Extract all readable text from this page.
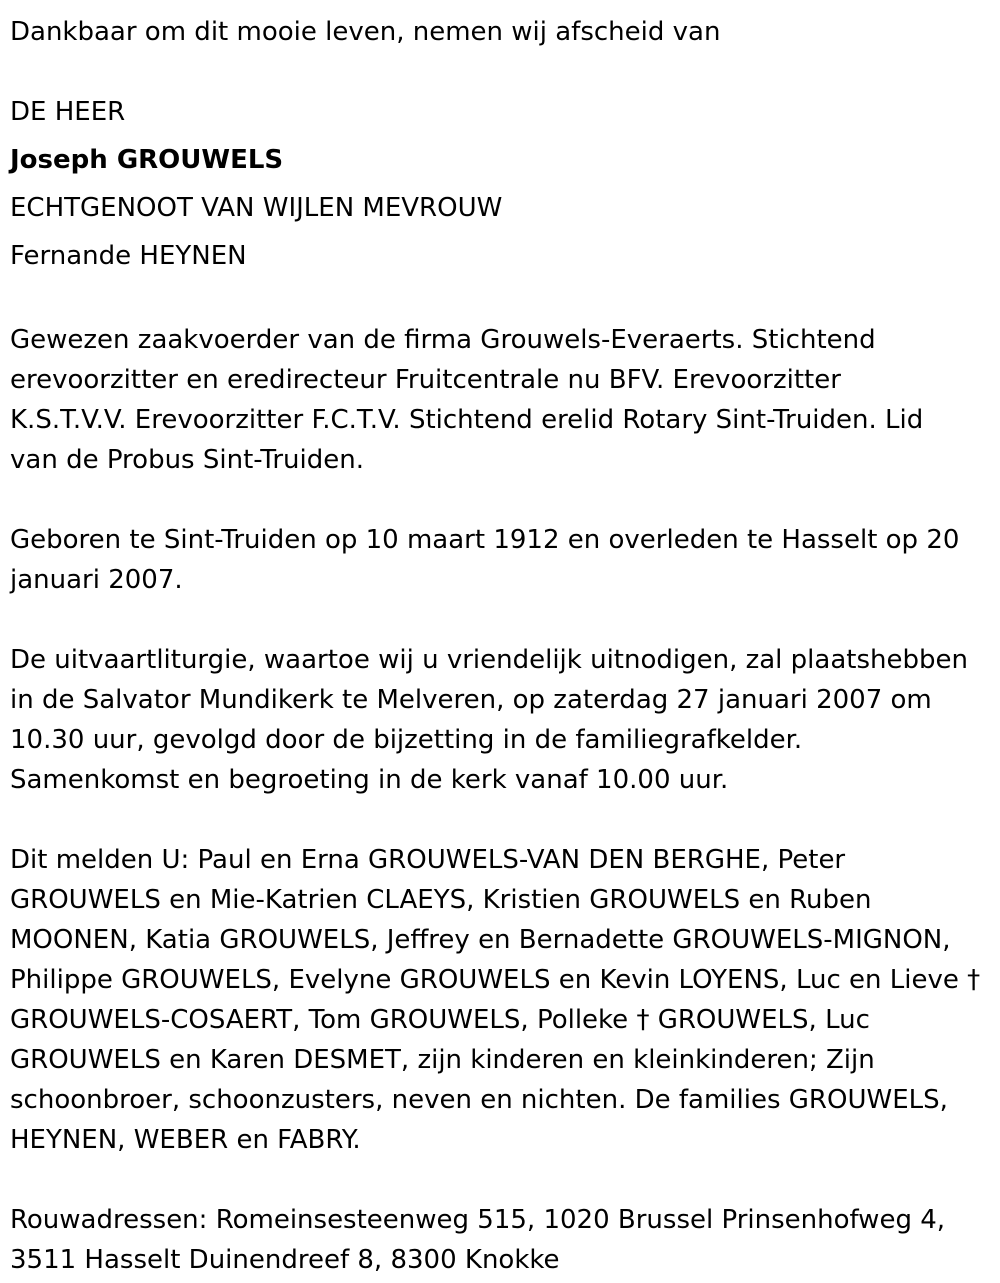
Dankbaar om dit mooie leven, nemen wij afscheid van

DE HEER

Joseph GROUWELS

ECHTGENOOT VAN WIJLEN MEVROUW

Fernande HEYNEN

Gewezen zaakvoerder van de firma Grouwels-Everaerts. Stichtend
erevoorzitter en eredirecteur Fruitcentrale nu BFV. Erevoorzitter
K.S.T.V.V. Erevoorzitter F.C.T.V. Stichtend erelid Rotary Sint-Truiden. Lid
van de Probus Sint-Truiden.
Geboren te Sint-Truiden op 10 maart 1912 en overleden te Hasselt op 20
januari 2007.
De uitvaartliturgie, waartoe wij u vriendelijk uitnodigen, zal plaatshebben
in de Salvator Mundikerk te Melveren, op zaterdag 27 januari 2007 om
10.30 uur, gevolgd door de bijzetting in de familiegrafkelder.
Samenkomst en begroeting in de kerk vanaf 10.00 uur.
Dit melden U: Paul en Erna GROUWELS-VAN DEN BERGHE, Peter
GROUWELS en Mie-Katrien CLAEYS, Kristien GROUWELS en Ruben
MOONEN, Katia GROUWELS, Jeffrey en Bernadette GROUWELS-MIGNON,
Philippe GROUWELS, Evelyne GROUWELS en Kevin LOYENS, Luc en Lieve †
GROUWELS-COSAERT, Tom GROUWELS, Polleke † GROUWELS, Luc
GROUWELS en Karen DESMET, zijn kinderen en kleinkinderen; Zijn
schoonbroer, schoonzusters, neven en nichten. De families GROUWELS,
HEYNEN, WEBER en FABRY.
Rouwadressen: Romeinsesteenweg 515, 1020 Brussel Prinsenhofweg 4,
3511 Hasselt Duinendreef 8, 8300 Knokke
